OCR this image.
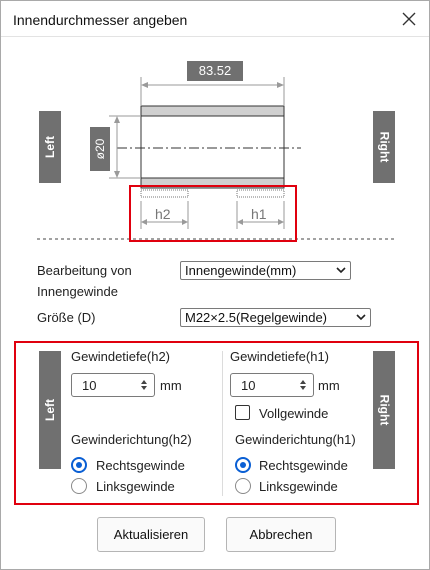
Innendurchmesser angeben
Left	Right
83.52
ø20
h2	h1
Bearbeitung von
Innengewinde
Innengewinde(mm)
Größe (D)	M22×2.5(Regelgewinde)
Left
Gewindetiefe(h2)
10	mm
Gewinderichtung(h2)
Rechtsgewinde
Linksgewinde
Gewindetiefe(h1)
10	mm
Vollgewinde
Gewinderichtung(h1)
Rechtsgewinde
Linksgewinde
Right
Aktualisieren	Abbrechen
